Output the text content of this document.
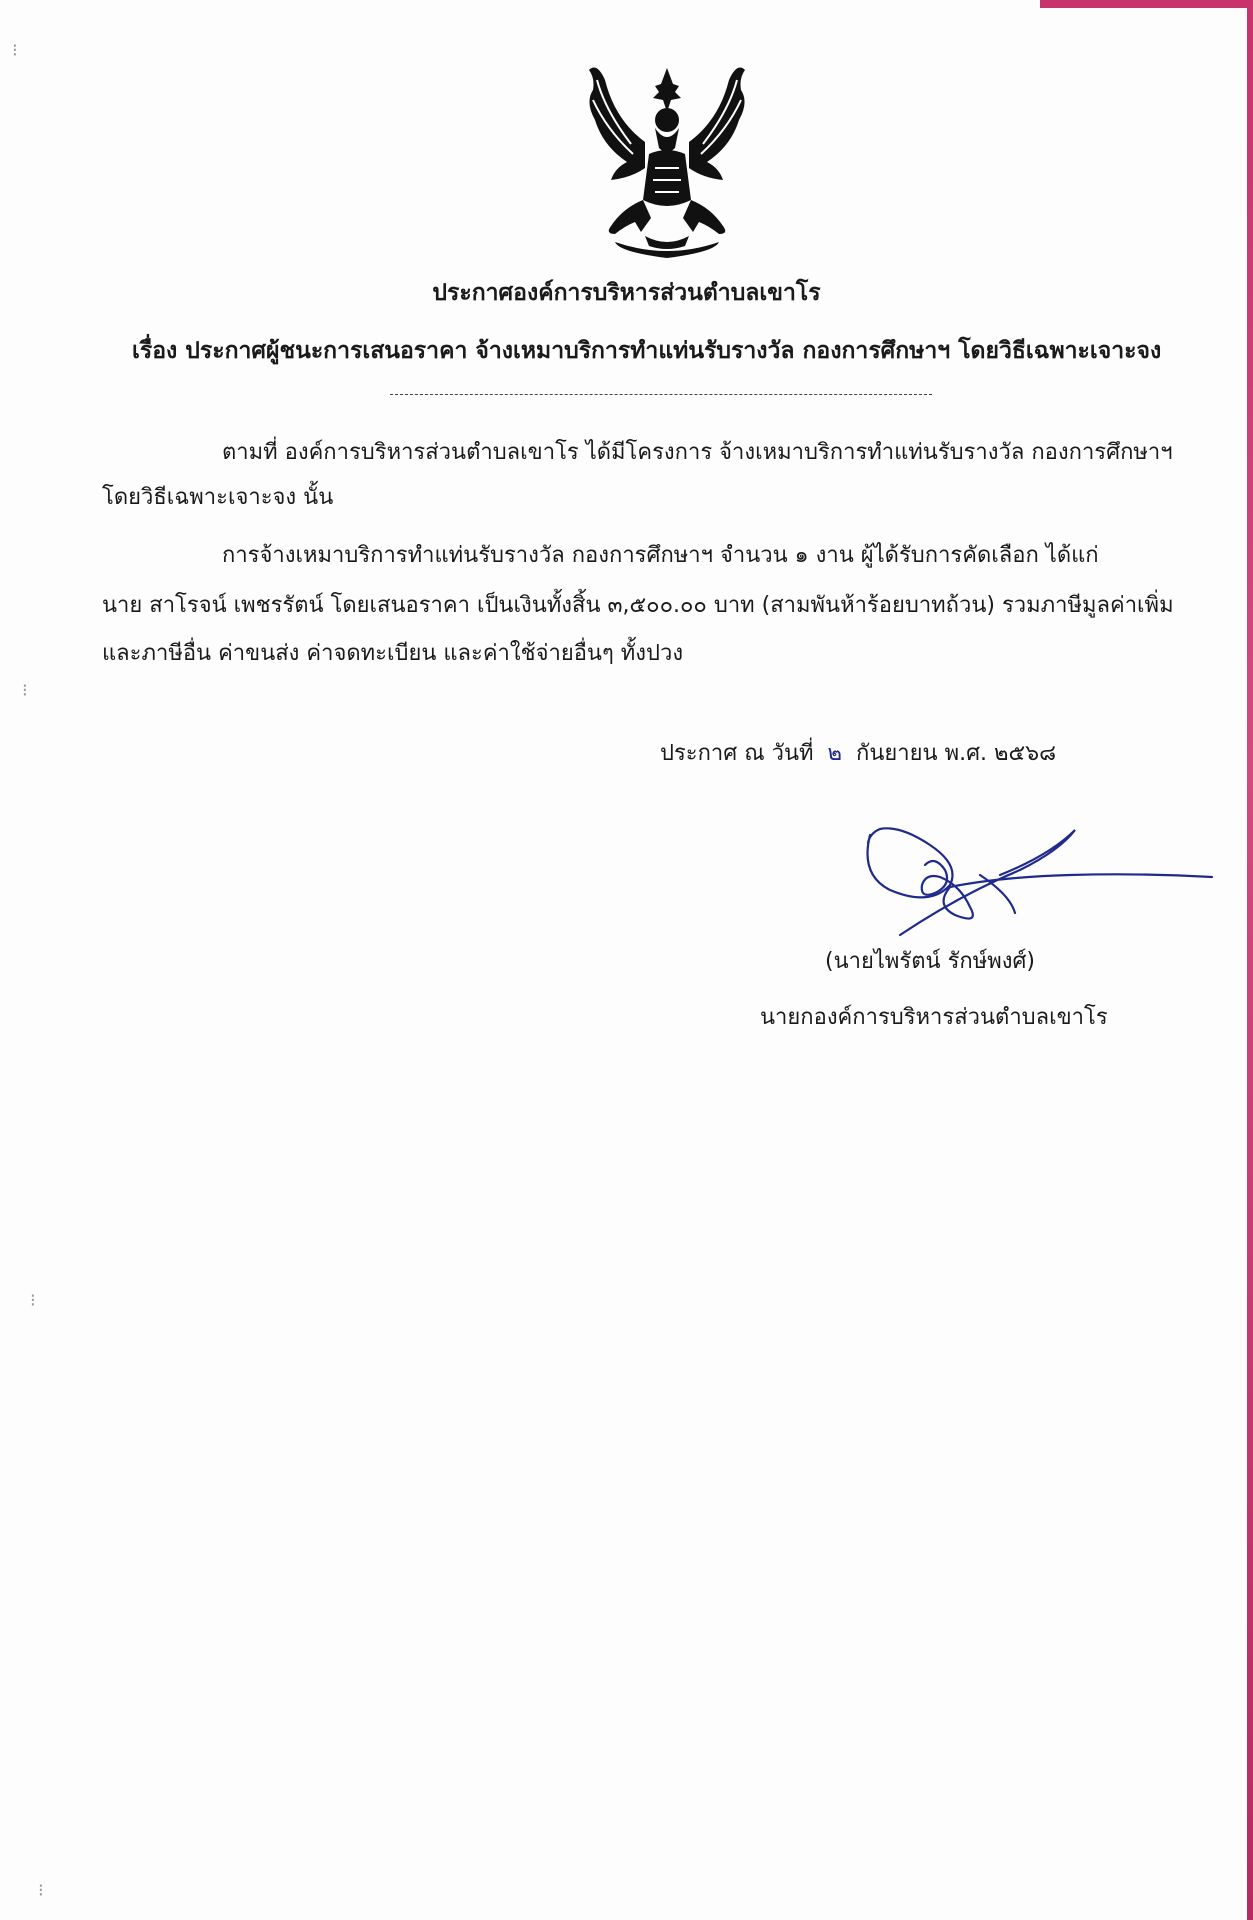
ประกาศองค์การบริหารส่วนตำบลเขาโร
เรื่อง ประกาศผู้ชนะการเสนอราคา จ้างเหมาบริการทำแท่นรับรางวัล กองการศึกษาฯ โดยวิธีเฉพาะเจาะจง
ตามที่ องค์การบริหารส่วนตำบลเขาโร ได้มีโครงการ จ้างเหมาบริการทำแท่นรับรางวัล กองการศึกษาฯ
โดยวิธีเฉพาะเจาะจง นั้น
การจ้างเหมาบริการทำแท่นรับรางวัล กองการศึกษาฯ จำนวน ๑ งาน ผู้ได้รับการคัดเลือก ได้แก่
นาย สาโรจน์ เพชรรัตน์ โดยเสนอราคา เป็นเงินทั้งสิ้น ๓,๕๐๐.๐๐ บาท (สามพันห้าร้อยบาทถ้วน) รวมภาษีมูลค่าเพิ่ม
และภาษีอื่น ค่าขนส่ง ค่าจดทะเบียน และค่าใช้จ่ายอื่นๆ ทั้งปวง
ประกาศ ณ วันที่ ๒ กันยายน พ.ศ. ๒๕๖๘
(นายไพรัตน์ รักษ์พงศ์)
นายกองค์การบริหารส่วนตำบลเขาโร
⁝
⁝
⁝
⁝
